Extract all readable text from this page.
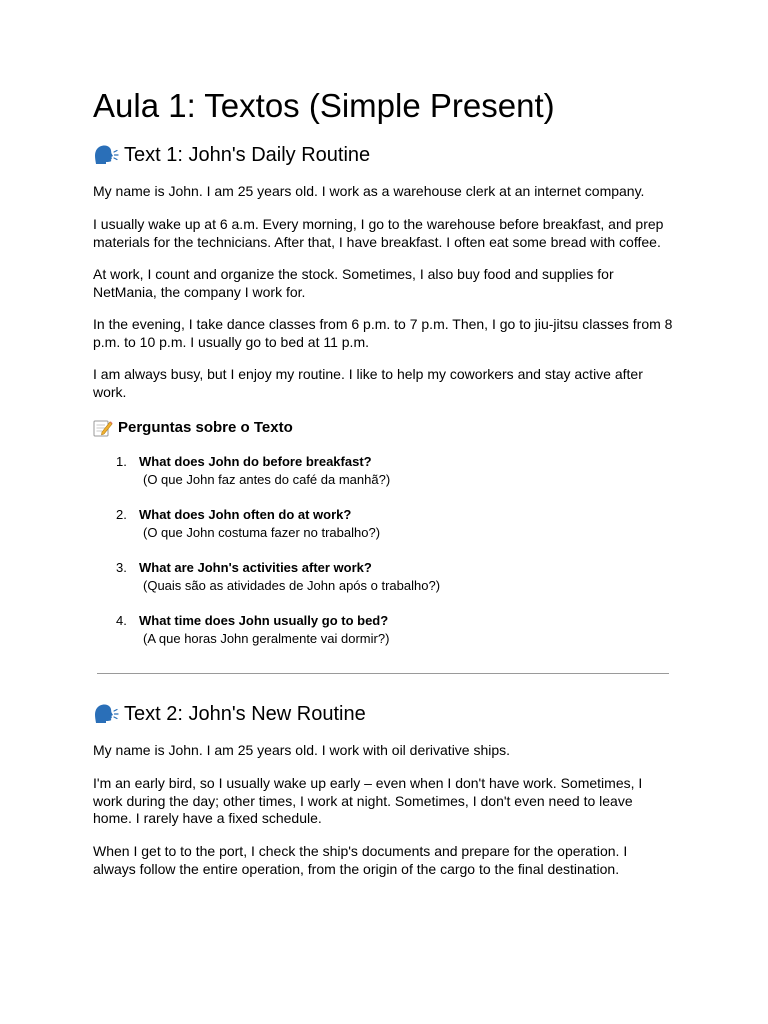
Aula 1: Textos (Simple Present)
Text 1: John's Daily Routine

My name is John. I am 25 years old. I work as a warehouse clerk at an internet company.

I usually wake up at 6 a.m. Every morning, I go to the warehouse before breakfast, and prep materials for the technicians. After that, I have breakfast. I often eat some bread with coffee.

At work, I count and organize the stock. Sometimes, I also buy food and supplies for NetMania, the company I work for.

In the evening, I take dance classes from 6 p.m. to 7 p.m. Then, I go to jiu-jitsu classes from 8 p.m. to 10 p.m. I usually go to bed at 11 p.m.

I am always busy, but I enjoy my routine. I like to help my coworkers and stay active after work.

Perguntas sobre o Texto
1. What does John do before breakfast?
(O que John faz antes do café da manhã?)
2. What does John often do at work?
(O que John costuma fazer no trabalho?)
3. What are John's activities after work?
(Quais são as atividades de John após o trabalho?)
4. What time does John usually go to bed?
(A que horas John geralmente vai dormir?)
Text 2: John's New Routine

My name is John. I am 25 years old. I work with oil derivative ships.

I'm an early bird, so I usually wake up early – even when I don't have work. Sometimes, I work during the day; other times, I work at night. Sometimes, I don't even need to leave home. I rarely have a fixed schedule.

When I get to to the port, I check the ship's documents and prepare for the operation. I always follow the entire operation, from the origin of the cargo to the final destination.
